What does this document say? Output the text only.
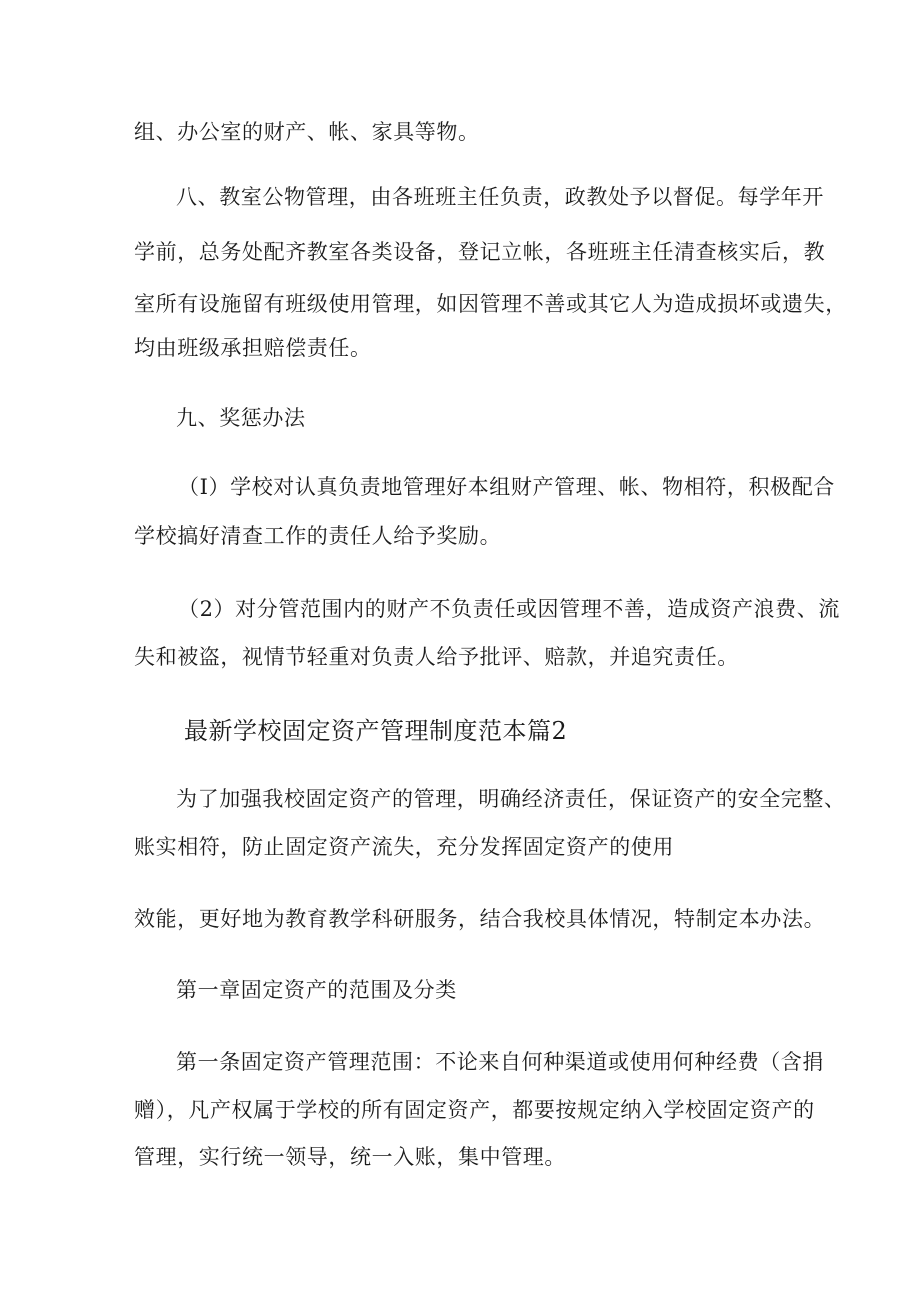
组、办公室的财产、帐、家具等物。
八、教室公物管理，由各班班主任负责，政教处予以督促。每学年开
学前，总务处配齐教室各类设备，登记立帐，各班班主任清查核实后，教
室所有设施留有班级使用管理，如因管理不善或其它人为造成损坏或遗失，
均由班级承担赔偿责任。
九、奖惩办法
（I）学校对认真负责地管理好本组财产管理、帐、物相符，积极配合
学校搞好清查工作的责任人给予奖励。
（2）对分管范围内的财产不负责任或因管理不善，造成资产浪费、流
失和被盗，视情节轻重对负责人给予批评、赔款，并追究责任。
最新学校固定资产管理制度范本篇2
为了加强我校固定资产的管理，明确经济责任，保证资产的安全完整、
账实相符，防止固定资产流失，充分发挥固定资产的使用
效能，更好地为教育教学科研服务，结合我校具体情况，特制定本办法。
第一章固定资产的范围及分类
第一条固定资产管理范围：不论来自何种渠道或使用何种经费（含捐
赠），凡产权属于学校的所有固定资产，都要按规定纳入学校固定资产的
管理，实行统一领导，统一入账，集中管理。
